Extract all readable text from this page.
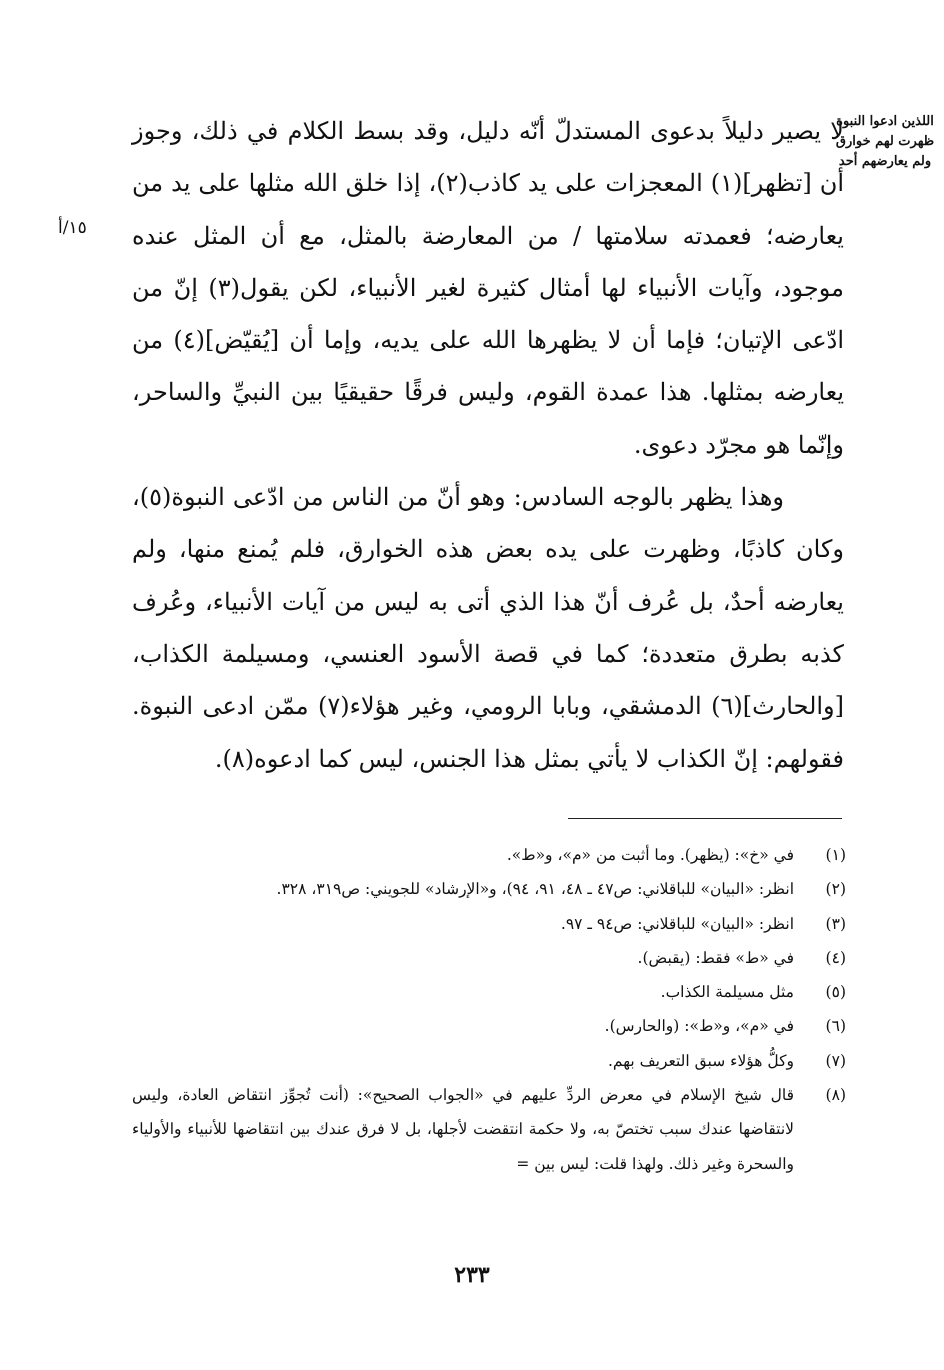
اللذين ادعوا النبوة ظهرت لهم خوارق ولم يعارضهم أحد
١٥/أ

لا يصير دليلاً بدعوى المستدلّ أنّه دليل، وقد بسط الكلام في ذلك، وجوز أن [تظهر](١) المعجزات على يد كاذب(٢)، إذا خلق الله مثلها على يد من يعارضه؛ فعمدته سلامتها / من المعارضة بالمثل، مع أن المثل عنده موجود، وآيات الأنبياء لها أمثال كثيرة لغير الأنبياء، لكن يقول(٣) إنّ من ادّعى الإتيان؛ فإما أن لا يظهرها الله على يديه، وإما أن [يُقيّض](٤) من يعارضه بمثلها. هذا عمدة القوم، وليس فرقًا حقيقيًا بين النبيِّ والساحر، وإنّما هو مجرّد دعوى.

وهذا يظهر بالوجه السادس: وهو أنّ من الناس من ادّعى النبوة(٥)، وكان كاذبًا، وظهرت على يده بعض هذه الخوارق، فلم يُمنع منها، ولم يعارضه أحدٌ، بل عُرف أنّ هذا الذي أتى به ليس من آيات الأنبياء، وعُرف كذبه بطرق متعددة؛ كما في قصة الأسود العنسي، ومسيلمة الكذاب، [والحارث](٦) الدمشقي، وبابا الرومي، وغير هؤلاء(٧) ممّن ادعى النبوة. فقولهم: إنّ الكذاب لا يأتي بمثل هذا الجنس، ليس كما ادعوه(٨).

(١)
في «خ»: (يظهر). وما أثبت من «م»، و«ط».
(٢)
انظر: «البيان» للباقلاني: ص٤٧ ـ ٤٨، ٩١، ٩٤)، و«الإرشاد» للجويني: ص٣١٩، ٣٢٨.
(٣)
انظر: «البيان» للباقلاني: ص٩٤ ـ ٩٧.
(٤)
في «ط» فقط: (يقبض).
(٥)
مثل مسيلمة الكذاب.
(٦)
في «م»، و«ط»: (والحارس).
(٧)
وكلُّ هؤلاء سبق التعريف بهم.
(٨)
قال شيخ الإسلام في معرض الردِّ عليهم في «الجواب الصحيح»: (أنت تُجوِّز انتقاض العادة، وليس لانتقاضها عندك سبب تختصّ به، ولا حكمة انتقضت لأجلها، بل لا فرق عندك بين انتقاضها للأنبياء والأولياء والسحرة وغير ذلك. ولهذا قلت: ليس بين =
٢٣٣
